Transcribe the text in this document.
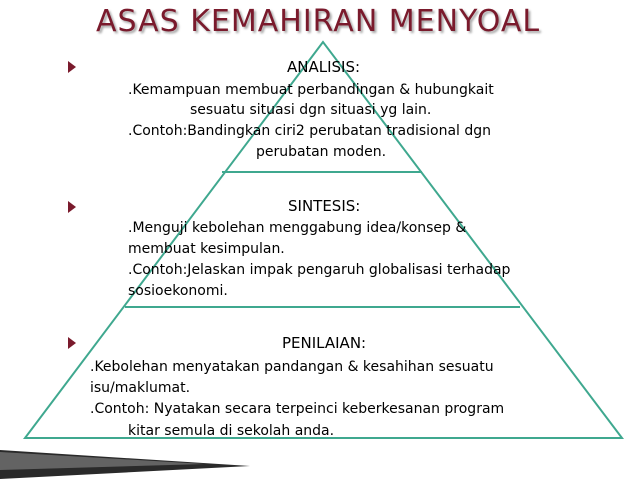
ASAS KEMAHIRAN MENYOAL
ANALISIS:
.Kemampuan membuat perbandingan & hubungkait
sesuatu situasi dgn situasi yg lain.
.Contoh:Bandingkan ciri2 perubatan tradisional dgn
perubatan moden.
SINTESIS:
.Menguji kebolehan menggabung idea/konsep &
membuat kesimpulan.
.Contoh:Jelaskan impak pengaruh globalisasi terhadap
sosioekonomi.
PENILAIAN:
.Kebolehan menyatakan pandangan & kesahihan sesuatu
isu/maklumat.
.Contoh: Nyatakan secara terpeinci keberkesanan program
kitar semula di sekolah anda.
